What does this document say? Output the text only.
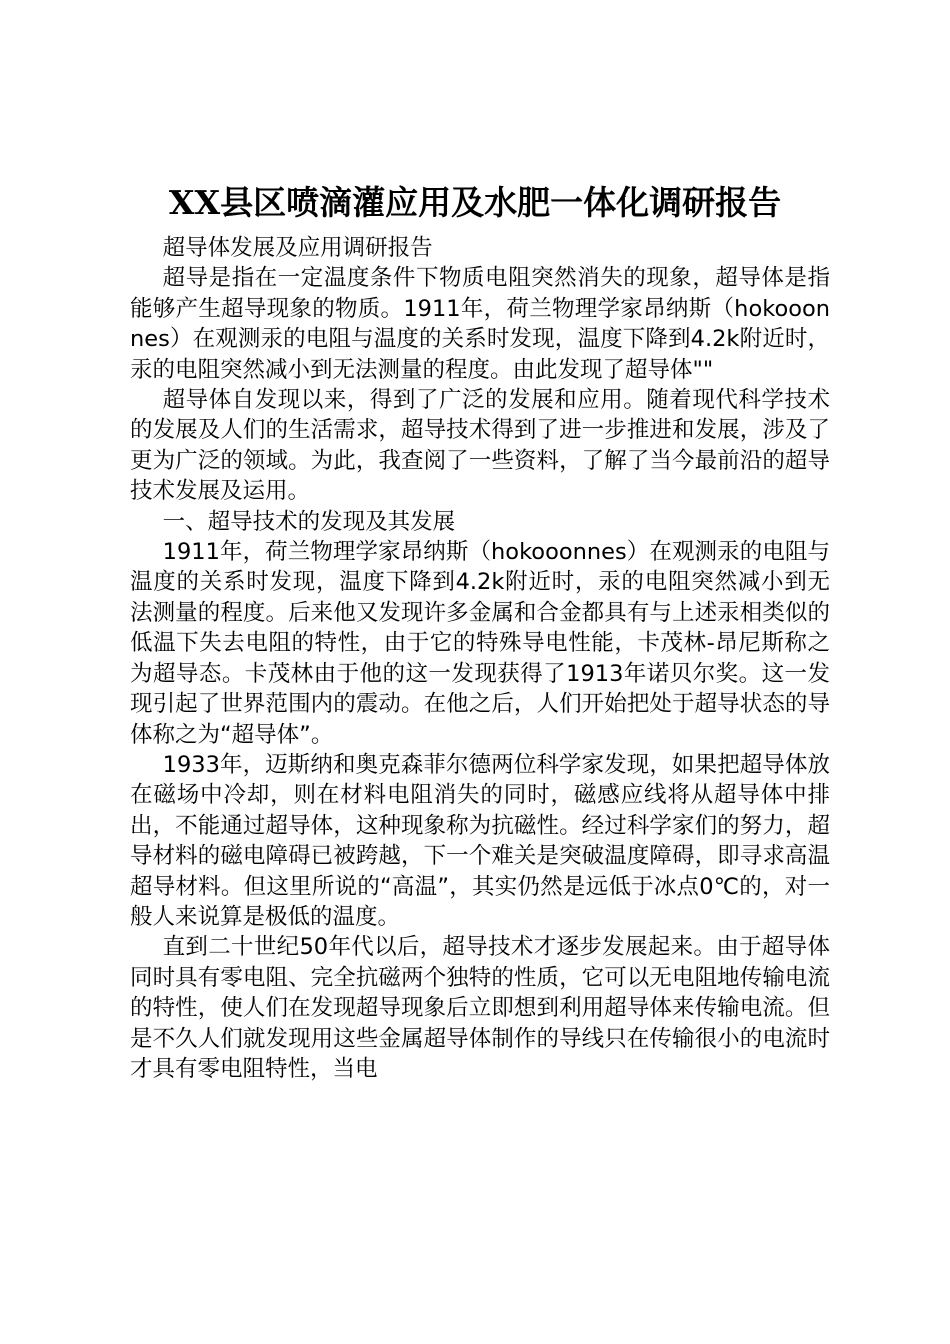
XX县区喷滴灌应用及水肥一体化调研报告

超导体发展及应用调研报告

超导是指在一定温度条件下物质电阻突然消失的现象，超导体是指能够产生超导现象的物质。1911年，荷兰物理学家昂纳斯（hokooonnes）在观测汞的电阻与温度的关系时发现，温度下降到4.2k附近时，汞的电阻突然减小到无法测量的程度。由此发现了超导体""

超导体自发现以来，得到了广泛的发展和应用。随着现代科学技术的发展及人们的生活需求，超导技术得到了进一步推进和发展，涉及了更为广泛的领域。为此，我查阅了一些资料，了解了当今最前沿的超导技术发展及运用。

一、超导技术的发现及其发展

1911年，荷兰物理学家昂纳斯（hokooonnes）在观测汞的电阻与温度的关系时发现，温度下降到4.2k附近时，汞的电阻突然减小到无法测量的程度。后来他又发现许多金属和合金都具有与上述汞相类似的低温下失去电阻的特性，由于它的特殊导电性能，卡茂林-昂尼斯称之为超导态。卡茂林由于他的这一发现获得了1913年诺贝尔奖。这一发现引起了世界范围内的震动。在他之后，人们开始把处于超导状态的导体称之为“超导体”。

1933年，迈斯纳和奥克森菲尔德两位科学家发现，如果把超导体放在磁场中冷却，则在材料电阻消失的同时，磁感应线将从超导体中排出，不能通过超导体，这种现象称为抗磁性。经过科学家们的努力，超导材料的磁电障碍已被跨越，下一个难关是突破温度障碍，即寻求高温超导材料。但这里所说的“高温”，其实仍然是远低于冰点0℃的，对一般人来说算是极低的温度。

直到二十世纪50年代以后，超导技术才逐步发展起来。由于超导体同时具有零电阻、完全抗磁两个独特的性质，它可以无电阻地传输电流的特性，使人们在发现超导现象后立即想到利用超导体来传输电流。但是不久人们就发现用这些金属超导体制作的导线只在传输很小的电流时才具有零电阻特性，当电
